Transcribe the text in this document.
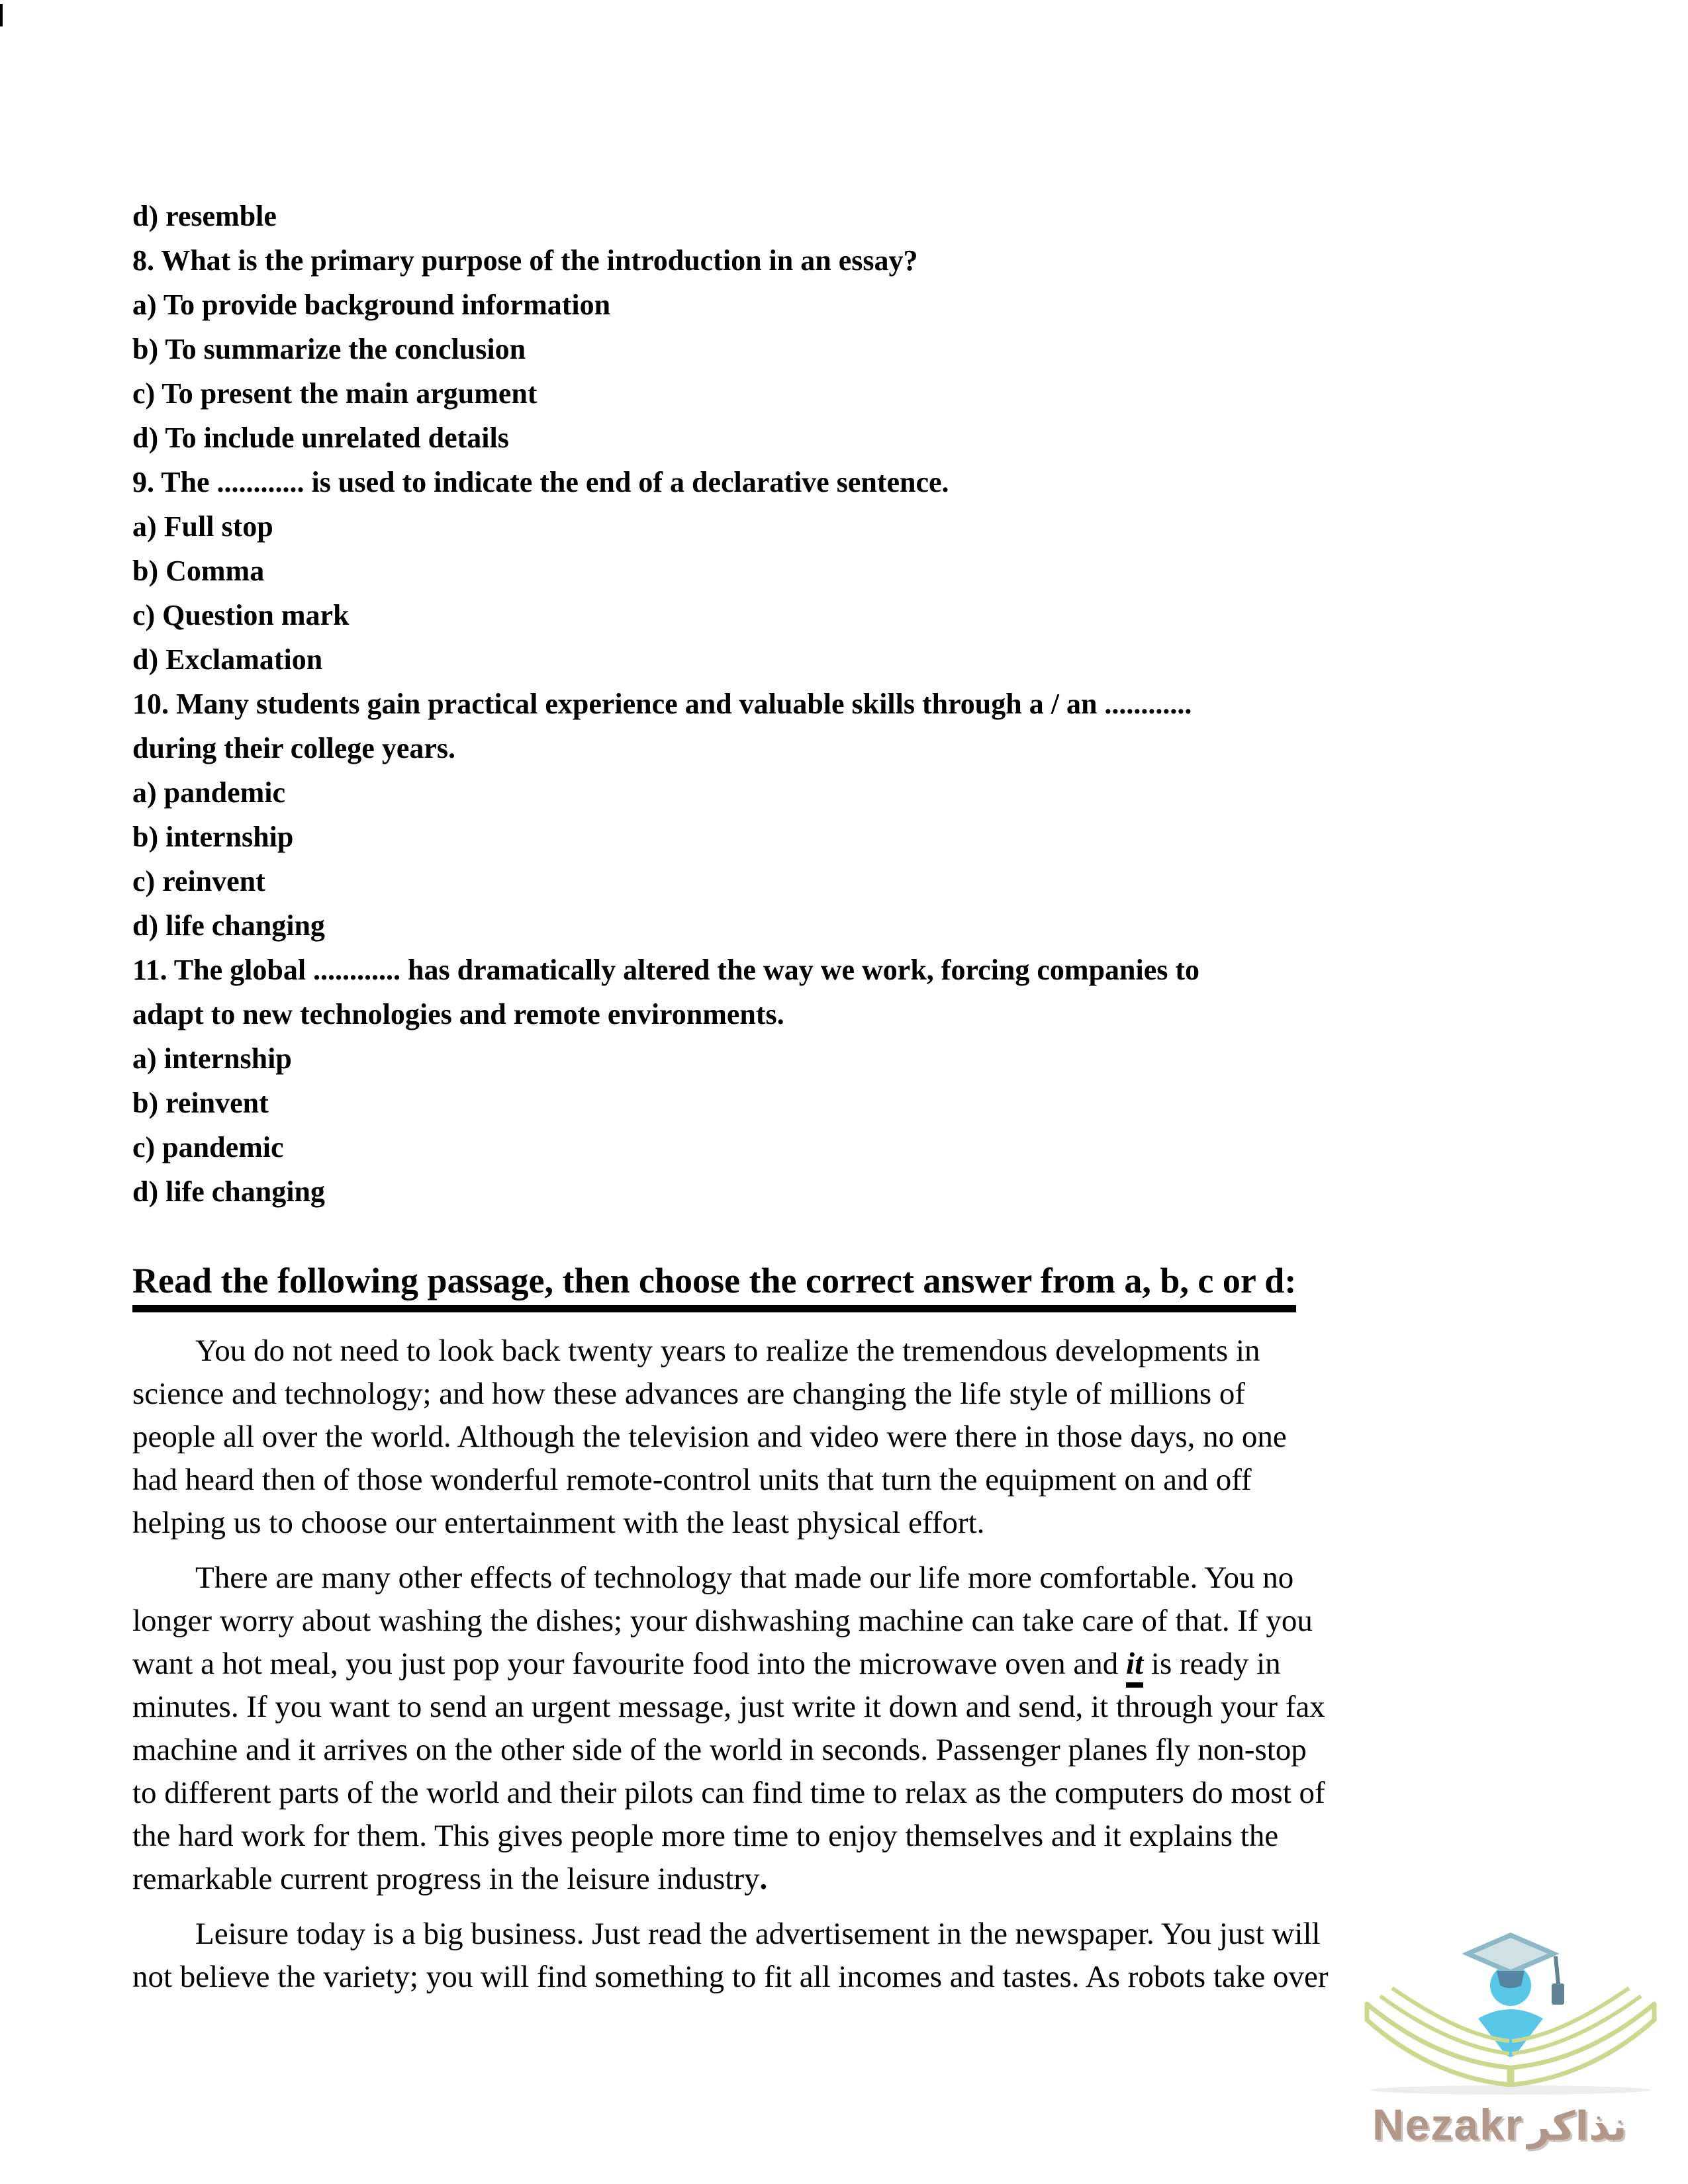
Nezakr نذاكر
d) resemble
8. What is the primary purpose of the introduction in an essay?
a) To provide background information
b) To summarize the conclusion
c) To present the main argument
d) To include unrelated details
9. The ............ is used to indicate the end of a declarative sentence.
a) Full stop
b) Comma
c) Question mark
d) Exclamation
10. Many students gain practical experience and valuable skills through a / an ............
during their college years.
a) pandemic
b) internship
c) reinvent
d) life changing
11. The global ............ has dramatically altered the way we work, forcing companies to
adapt to new technologies and remote environments.
a) internship
b) reinvent
c) pandemic
d) life changing
Read the following passage, then choose the correct answer from a, b, c or d:
You do not need to look back twenty years to realize the tremendous developments in
science and technology; and how these advances are changing the life style of millions of
people all over the world. Although the television and video were there in those days, no one
had heard then of those wonderful remote-control units that turn the equipment on and off
helping us to choose our entertainment with the least physical effort.
There are many other effects of technology that made our life more comfortable. You no
longer worry about washing the dishes; your dishwashing machine can take care of that. If you
want a hot meal, you just pop your favourite food into the microwave oven and it is ready in
minutes. If you want to send an urgent message, just write it down and send, it through your fax
machine and it arrives on the other side of the world in seconds. Passenger planes fly non-stop
to different parts of the world and their pilots can find time to relax as the computers do most of
the hard work for them. This gives people more time to enjoy themselves and it explains the
remarkable current progress in the leisure industry.
Leisure today is a big business. Just read the advertisement in the newspaper. You just will
not believe the variety; you will find something to fit all incomes and tastes. As robots take over
